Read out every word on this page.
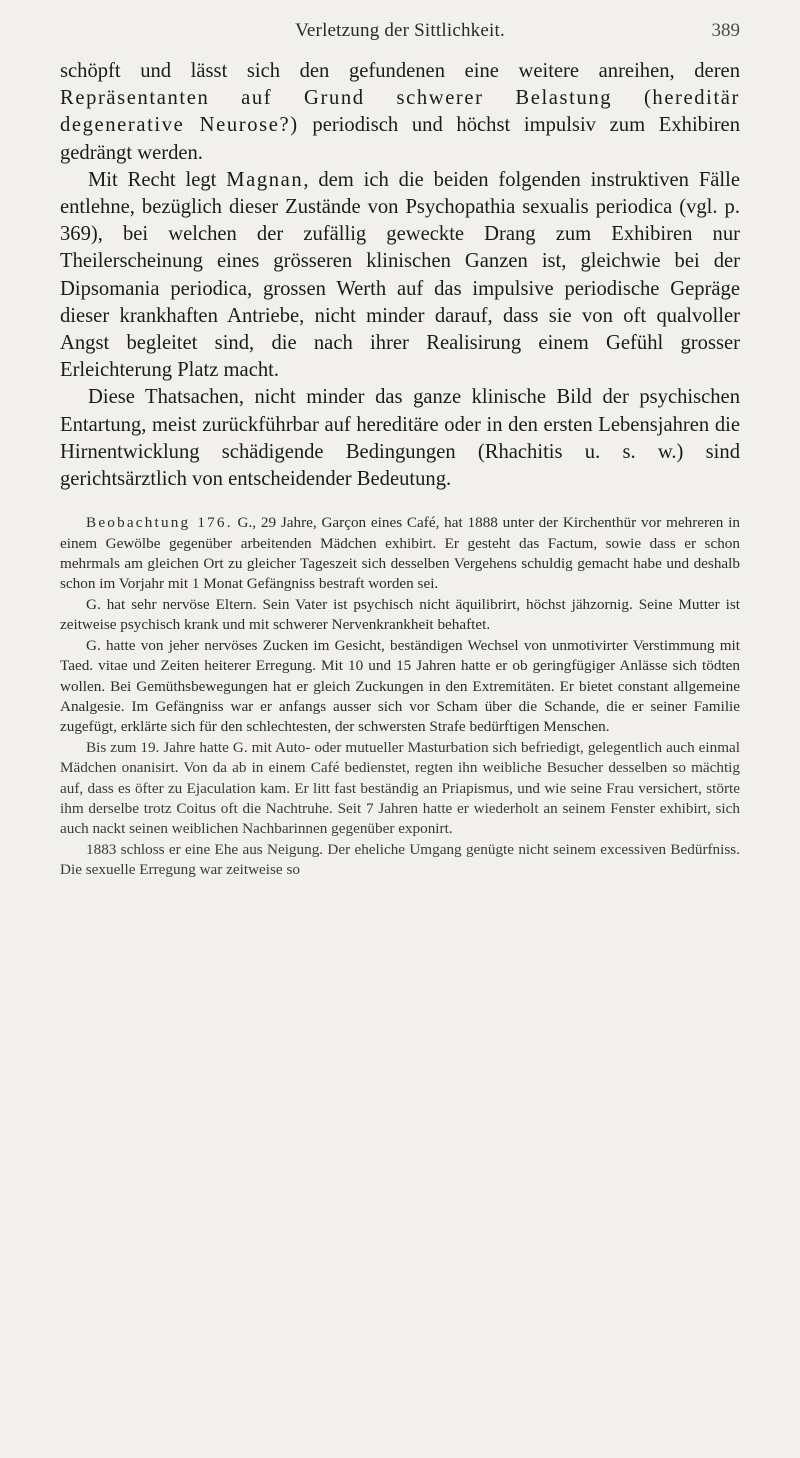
Verletzung der Sittlichkeit.	389

schöpft und lässt sich den gefundenen eine weitere anreihen, deren Repräsentanten auf Grund schwerer Belastung (hereditär degenerative Neurose?) periodisch und höchst impulsiv zum Exhibiren gedrängt werden.

Mit Recht legt Magnan, dem ich die beiden folgenden instruktiven Fälle entlehne, bezüglich dieser Zustände von Psychopathia sexualis periodica (vgl. p. 369), bei welchen der zufällig geweckte Drang zum Exhibiren nur Theilerscheinung eines grösseren klinischen Ganzen ist, gleichwie bei der Dipsomania periodica, grossen Werth auf das impulsive periodische Gepräge dieser krankhaften Antriebe, nicht minder darauf, dass sie von oft qualvoller Angst begleitet sind, die nach ihrer Realisirung einem Gefühl grosser Erleichterung Platz macht.

Diese Thatsachen, nicht minder das ganze klinische Bild der psychischen Entartung, meist zurückführbar auf hereditäre oder in den ersten Lebensjahren die Hirnentwicklung schädigende Bedingungen (Rhachitis u. s. w.) sind gerichtsärztlich von entscheidender Bedeutung.

Beobachtung 176. G., 29 Jahre, Garçon eines Café, hat 1888 unter der Kirchenthür vor mehreren in einem Gewölbe gegenüber arbeitenden Mädchen exhibirt. Er gesteht das Factum, sowie dass er schon mehrmals am gleichen Ort zu gleicher Tageszeit sich desselben Vergehens schuldig gemacht habe und deshalb schon im Vorjahr mit 1 Monat Gefängniss bestraft worden sei.

G. hat sehr nervöse Eltern. Sein Vater ist psychisch nicht äquilibrirt, höchst jähzornig. Seine Mutter ist zeitweise psychisch krank und mit schwerer Nervenkrankheit behaftet.

G. hatte von jeher nervöses Zucken im Gesicht, beständigen Wechsel von unmotivirter Verstimmung mit Taed. vitae und Zeiten heiterer Erregung. Mit 10 und 15 Jahren hatte er ob geringfügiger Anlässe sich tödten wollen. Bei Gemüthsbewegungen hat er gleich Zuckungen in den Extremitäten. Er bietet constant allgemeine Analgesie. Im Gefängniss war er anfangs ausser sich vor Scham über die Schande, die er seiner Familie zugefügt, erklärte sich für den schlechtesten, der schwersten Strafe bedürftigen Menschen.

Bis zum 19. Jahre hatte G. mit Auto- oder mutueller Masturbation sich befriedigt, gelegentlich auch einmal Mädchen onanisirt. Von da ab in einem Café bedienstet, regten ihn weibliche Besucher desselben so mächtig auf, dass es öfter zu Ejaculation kam. Er litt fast beständig an Priapismus, und wie seine Frau versichert, störte ihm derselbe trotz Coitus oft die Nachtruhe. Seit 7 Jahren hatte er wiederholt an seinem Fenster exhibirt, sich auch nackt seinen weiblichen Nachbarinnen gegenüber exponirt.

1883 schloss er eine Ehe aus Neigung. Der eheliche Umgang genügte nicht seinem excessiven Bedürfniss. Die sexuelle Erregung war zeitweise so
